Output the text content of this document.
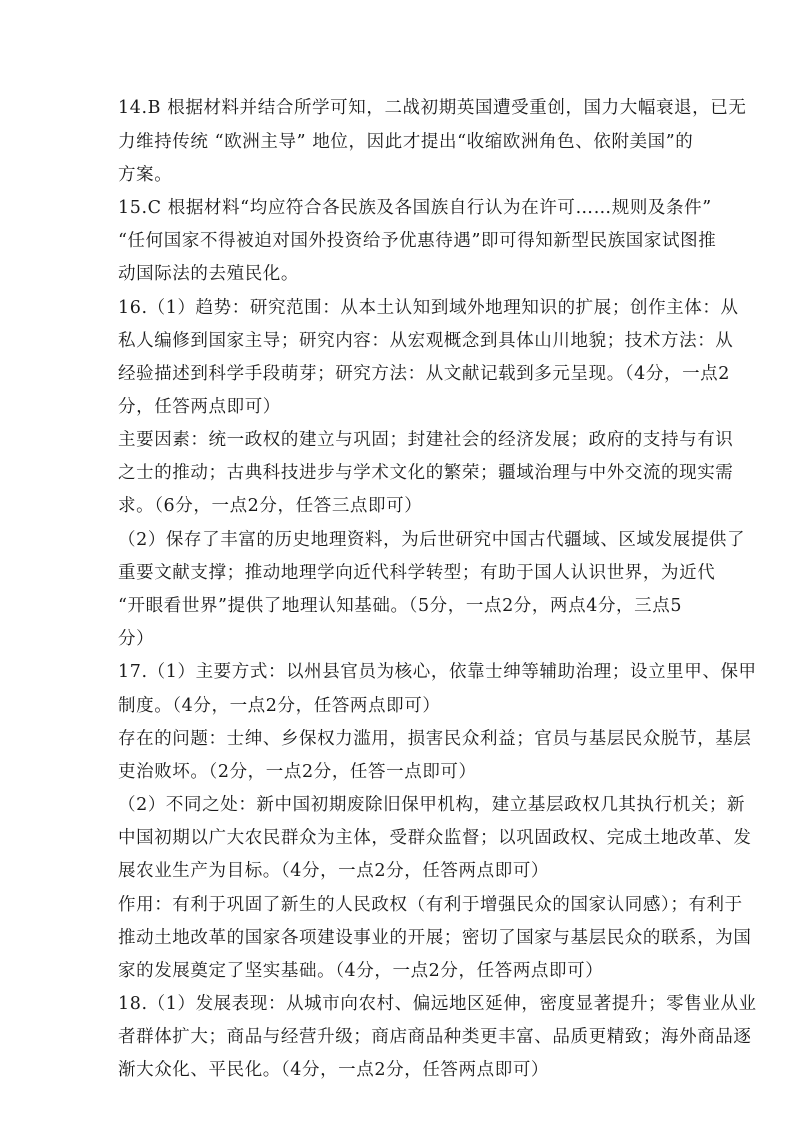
14.B 根据材料并结合所学可知，二战初期英国遭受重创，国力大幅衰退，已无
力维持传统 “欧洲主导” 地位，因此才提出“收缩欧洲角色、依附美国”的
方案。
15.C 根据材料“均应符合各民族及各国族自行认为在许可……规则及条件”
“任何国家不得被迫对国外投资给予优惠待遇”即可得知新型民族国家试图推
动国际法的去殖民化。
16.（1）趋势：研究范围：从本土认知到域外地理知识的扩展；创作主体：从
私人编修到国家主导；研究内容：从宏观概念到具体山川地貌；技术方法：从
经验描述到科学手段萌芽；研究方法：从文献记载到多元呈现。（4分，一点2
分，任答两点即可）
主要因素：统一政权的建立与巩固；封建社会的经济发展；政府的支持与有识
之士的推动；古典科技进步与学术文化的繁荣；疆域治理与中外交流的现实需
求。（6分，一点2分，任答三点即可）
（2）保存了丰富的历史地理资料，为后世研究中国古代疆域、区域发展提供了
重要文献支撑；推动地理学向近代科学转型；有助于国人认识世界，为近代
“开眼看世界”提供了地理认知基础。（5分，一点2分，两点4分，三点5
分）
17.（1）主要方式：以州县官员为核心，依靠士绅等辅助治理；设立里甲、保甲
制度。（4分，一点2分，任答两点即可）
存在的问题：士绅、乡保权力滥用，损害民众利益；官员与基层民众脱节，基层
吏治败坏。（2分，一点2分，任答一点即可）
（2）不同之处：新中国初期废除旧保甲机构，建立基层政权几其执行机关；新
中国初期以广大农民群众为主体，受群众监督；以巩固政权、完成土地改革、发
展农业生产为目标。（4分，一点2分，任答两点即可）
作用：有利于巩固了新生的人民政权（有利于增强民众的国家认同感）；有利于
推动土地改革的国家各项建设事业的开展；密切了国家与基层民众的联系，为国
家的发展奠定了坚实基础。（4分，一点2分，任答两点即可）
18.（1）发展表现：从城市向农村、偏远地区延伸，密度显著提升；零售业从业
者群体扩大；商品与经营升级；商店商品种类更丰富、品质更精致；海外商品逐
渐大众化、平民化。（4分，一点2分，任答两点即可）
